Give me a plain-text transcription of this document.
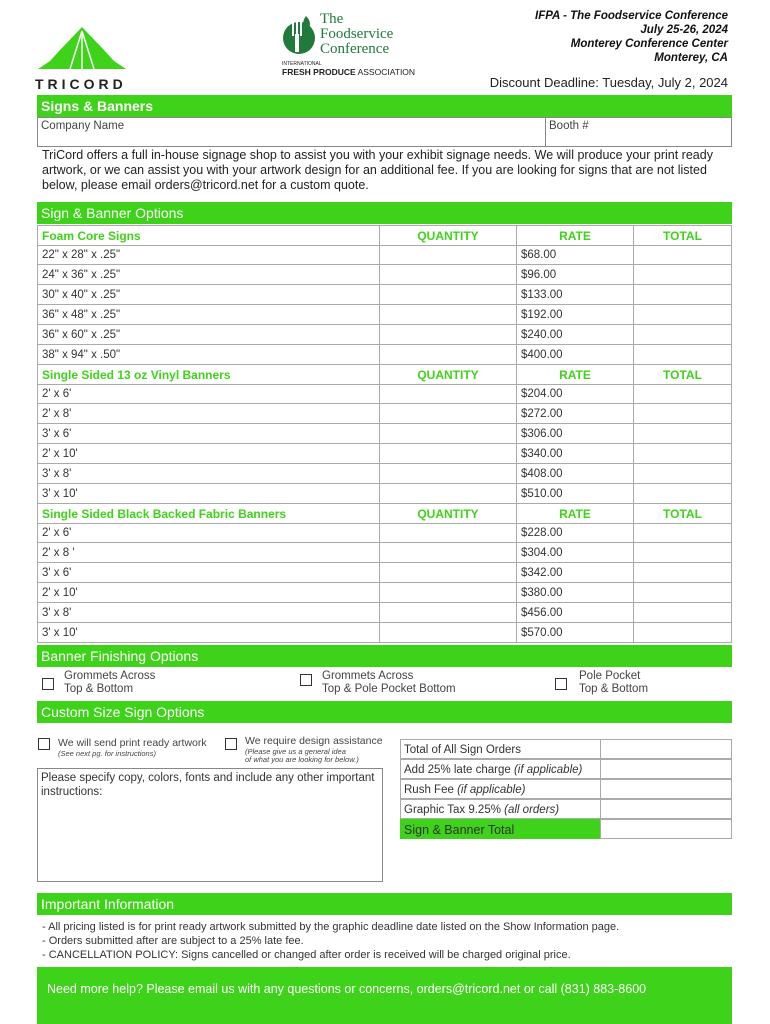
TRICORD
The
Foodservice
Conference
INTERNATIONAL
FRESH PRODUCE ASSOCIATION
IFPA - The Foodservice Conference
July 25-26, 2024
Monterey Conference Center
Monterey, CA
Discount Deadline: Tuesday, July 2, 2024
Signs & Banners
Company Name	Booth #
TriCord offers a full in-house signage shop to assist you with your exhibit signage needs. We will produce your print ready artwork, or we can assist you with your artwork design for an additional fee. If you are looking for signs that are not listed below, please email orders@tricord.net for a custom quote.
Sign & Banner Options
Foam Core Signs	QUANTITY	RATE	TOTAL
22" x 28" x .25"	$68.00
24" x 36" x .25"	$96.00
30" x 40" x .25"	$133.00
36" x 48" x .25"	$192.00
36" x 60" x .25"	$240.00
38" x 94" x .50"	$400.00
Single Sided 13 oz Vinyl Banners	QUANTITY	RATE	TOTAL
2' x 6'	$204.00
2' x 8'	$272.00
3' x 6'	$306.00
2' x 10'	$340.00
3' x 8'	$408.00
3' x 10'	$510.00
Single Sided Black Backed Fabric Banners	QUANTITY	RATE	TOTAL
2' x 6'	$228.00
2' x 8 '	$304.00
3' x 6'	$342.00
2' x 10'	$380.00
3' x 8'	$456.00
3' x 10'	$570.00
Banner Finishing Options
Grommets Across
Top & Bottom
Grommets Across
Top & Pole Pocket Bottom
Pole Pocket
Top & Bottom
Custom Size Sign Options
We will send print ready artwork
(See next pg. for instructions)
We require design assistance
(Please give us a general idea
of what you are looking for below.)
Please specify copy, colors, fonts and include any other important instructions:
Total of All Sign Orders
Add 25% late charge (if applicable)
Rush Fee (if applicable)
Graphic Tax 9.25% (all orders)
Sign & Banner Total
Important Information
- All pricing listed is for print ready artwork submitted by the graphic deadline date listed on the Show Information page.
- Orders submitted after are subject to a 25% late fee.
- CANCELLATION POLICY: Signs cancelled or changed after order is received will be charged original price.
Need more help? Please email us with any questions or concerns, orders@tricord.net or call (831) 883-8600
